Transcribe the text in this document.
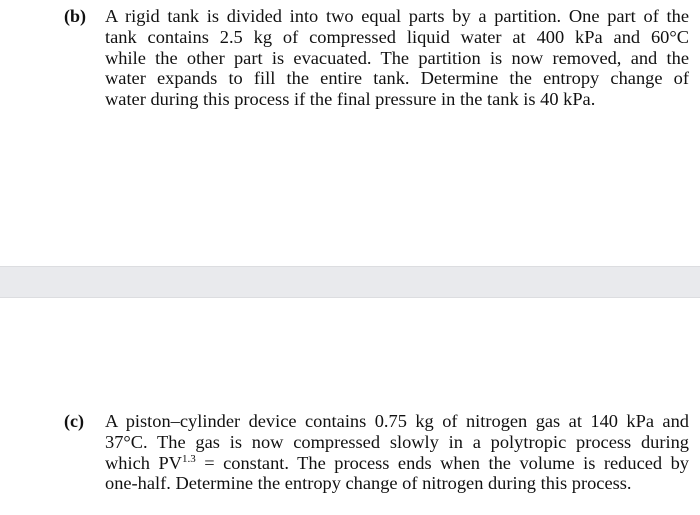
(b) A rigid tank is divided into two equal parts by a partition. One part of the
tank contains 2.5 kg of compressed liquid water at 400 kPa and 60°C
while the other part is evacuated. The partition is now removed, and the
water expands to fill the entire tank. Determine the entropy change of
water during this process if the final pressure in the tank is 40 kPa.
(c) A piston–cylinder device contains 0.75 kg of nitrogen gas at 140 kPa and
37°C. The gas is now compressed slowly in a polytropic process during
which $PV^{1.3}$ = constant. The process ends when the volume is reduced by
one-half. Determine the entropy change of nitrogen during this process.
